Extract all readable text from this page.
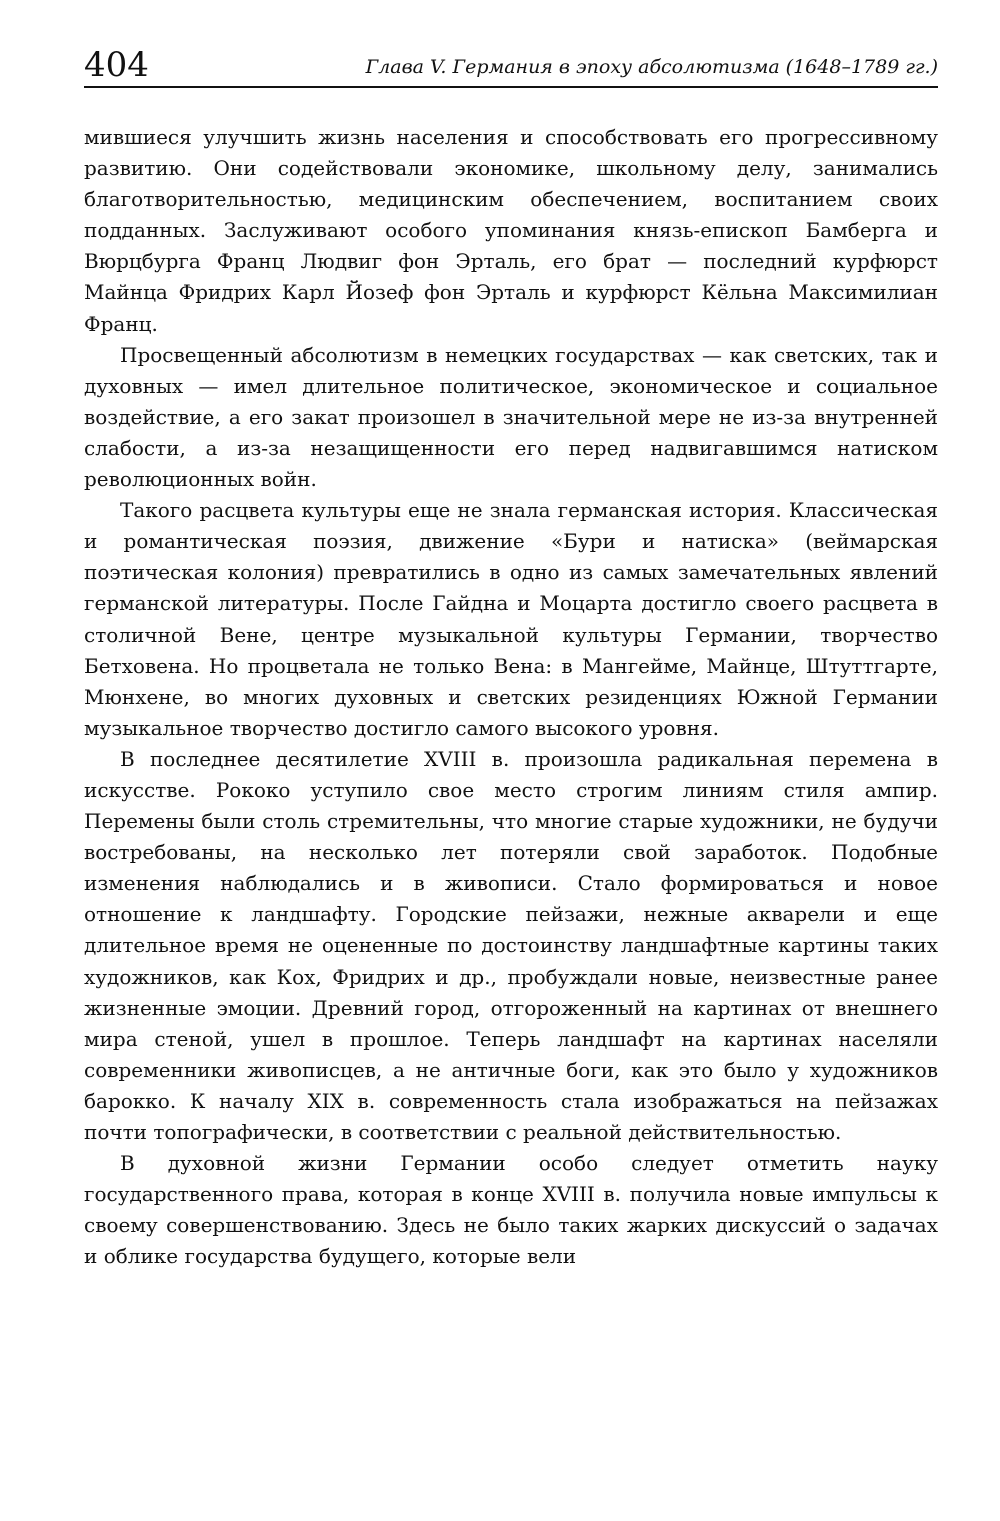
404	Глава V. Германия в эпоху абсолютизма (1648–1789 гг.)

мившиеся улучшить жизнь населения и способствовать его прогрессивному развитию. Они содействовали экономике, школьному делу, занимались благотворительностью, медицинским обеспечением, воспитанием своих подданных. Заслуживают особого упоминания князь-епископ Бамберга и Вюрцбурга Франц Людвиг фон Эрталь, его брат — последний курфюрст Майнца Фридрих Карл Йозеф фон Эрталь и курфюрст Кёльна Максимилиан Франц.

Просвещенный абсолютизм в немецких государствах — как светских, так и духовных — имел длительное политическое, экономическое и социальное воздействие, а его закат произошел в значительной мере не из-за внутренней слабости, а из-за незащищенности его перед надвигавшимся натиском революционных войн.

Такого расцвета культуры еще не знала германская история. Классическая и романтическая поэзия, движение «Бури и натиска» (веймарская поэтическая колония) превратились в одно из самых замечательных явлений германской литературы. После Гайдна и Моцарта достигло своего расцвета в столичной Вене, центре музыкальной культуры Германии, творчество Бетховена. Но процветала не только Вена: в Мангейме, Майнце, Штуттгарте, Мюнхене, во многих духовных и светских резиденциях Южной Германии музыкальное творчество достигло самого высокого уровня.

В последнее десятилетие XVIII в. произошла радикальная перемена в искусстве. Рококо уступило свое место строгим линиям стиля ампир. Перемены были столь стремительны, что многие старые художники, не будучи востребованы, на несколько лет потеряли свой заработок. Подобные изменения наблюдались и в живописи. Стало формироваться и новое отношение к ландшафту. Городские пейзажи, нежные акварели и еще длительное время не оцененные по достоинству ландшафтные картины таких художников, как Кох, Фридрих и др., пробуждали новые, неизвестные ранее жизненные эмоции. Древний город, отгороженный на картинах от внешнего мира стеной, ушел в прошлое. Теперь ландшафт на картинах населяли современники живописцев, а не античные боги, как это было у художников барокко. К началу XIX в. современность стала изображаться на пейзажах почти топографически, в соответствии с реальной действительностью.

В духовной жизни Германии особо следует отметить науку государственного права, которая в конце XVIII в. получила новые импульсы к своему совершенствованию. Здесь не было таких жарких дискуссий о задачах и облике государства будущего, которые вели
